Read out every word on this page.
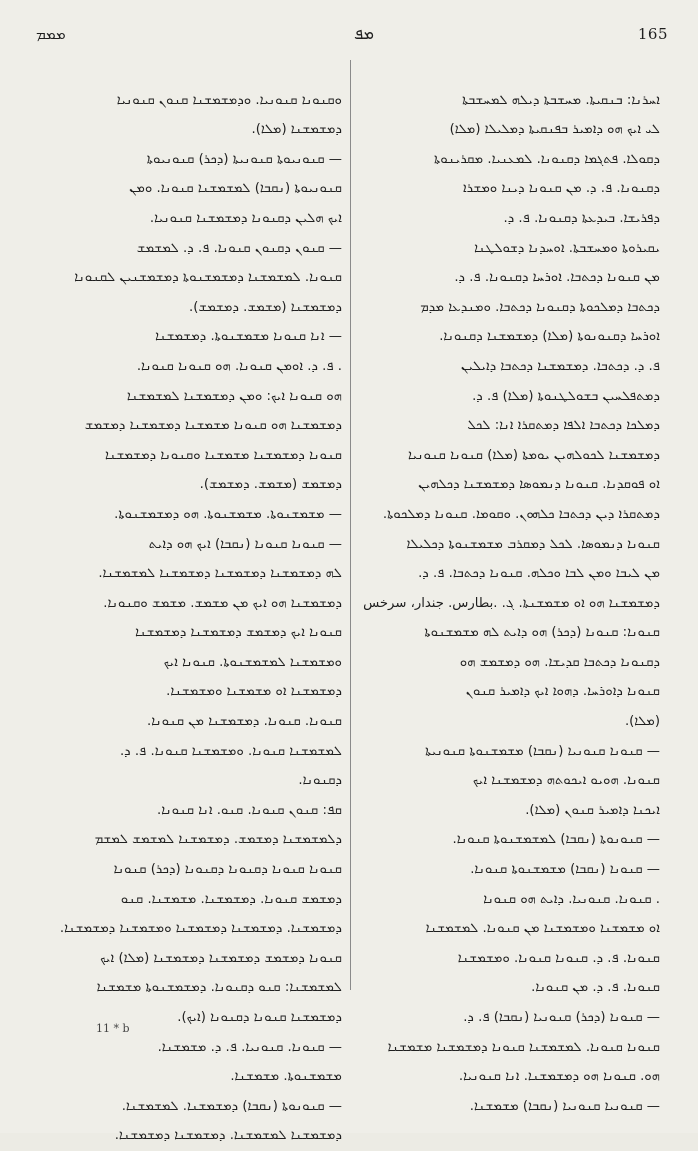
ܡܡܡ	ܡܦ	165

ܐܚܪܢܐ: ܒܢܩܝܬܐ. ܡܚܫܒܬܐ ܕܝܠܗ ܠܡܚܫܒܬܐ
ܠܝ ܐܝܟ ܗܘ ܕܐܡܝܪ ܒܦܢܩܝܬܐ ܕܡܠܝܠܐ (ܡܠܐ)
ܕܩܘܠܐ. ܦܬܓܡܐ ܕܩܢܘܢܐ. ܠܡܥܢܝܐ. ܡܩܪܝܢܘܬܐ
ܕܩܢܘܢܐ. ܦ. ܕ. ܡܢ ܩܢܘܢܐ ܕܝܢܐ ܘܡܫܪܐ
ܕܦܪܝܫܐ. ܒܝܕܥܬܐ ܕܩܢܘܢܐ. ܦ. ܕ.
ܝܩܝܪܘܬܐ ܘܡܚܫܒܬܐ. ܐܘܚܕܢܐ ܕܫܘܠܛܢܐ
ܡܢ ܩܢܘܢܐ ܕܟܬܒܐ. ܐܘܪܚܐ ܕܩܢܘܢܐ. ܦ. ܕ.
ܕܟܬܒܐ ܕܡܠܟܘܬܐ ܕܩܢܘܢܐ ܕܟܬܒܐ. ܘܡܢܕܥܐ ܡܕܡ
ܐܘܪܚܐ ܕܩܢܘܢܘܬܐ (ܡܠܐ) ܕܡܫܡܫܢܐ ܕܩܢܘܢܐ.
ܦ. ܕ. ܕܟܬܒܐ. ܕܡܫܡܫܢܐ ܕܟܬܒܐ ܕܐܝܠܝܢ
ܕܡܬܦܠܚܝܢ ܒܫܘܠܛܢܘܬܐ (ܡܠܐ) ܦ. ܕ.
ܕܡܠܟܐ ܕܟܬܒܐ ܐܠܦܐ ܕܡܬܩܪܐ ܐܢܐ: ܠܟܠ
ܕܡܫܡܫܢܐ ܠܟܘܠܗܝܢ ܝܘܡܬܐ (ܡܠܐ) ܩܢܘܢܐ ܩܢܘܢܝܐ
ܐܘ ܦܘܩܕܢܐ. ܩܢܘܢܐ ܕܢܡܘܣܐ ܕܡܫܡܫܢܐ ܕܟܠܗܝܢ
ܕܡܬܩܪܐ ܕܝܢ ܕܟܬܒܐ ܟܠܗܘܢ. ܘܩܘܡܐ. ܩܢܘܢܐ ܕܡܠܟܘܬܐ.
ܩܢܘܢܐ ܕܢܡܘܣܐ. ܠܟܠ ܕܡܩܪܒ ܡܫܡܫܢܘܬܐ ܕܟܠܝܠܐ
ܡܢ ܠܝܒܐ ܘܡܢ ܠܒܐ ܘܟܠܗ. ܩܢܘܢܐ ܕܟܬܒܐ. ܦ. ܕ.
ܕܡܫܡܫܢܐ ܗܘ ܐܘ ܡܫܡܫܢܬܐ. ܓ. بطارس. جندار، سرخس.
ܩܢܘܢܐ: ܩܢܘܢܐ (ܕܟܪ) ܗܘ ܕܐܝܬ ܠܗ ܡܫܡܫܢܘܬܐ
ܕܩܢܘܢܐ ܕܟܬܒܐ ܩܕܝܫܐ. ܗܘ ܕܡܫܡܫ ܗܘ
ܩܢܘܢܐ ܕܐܘܪܚܐ. ܕܗܘܐ ܐܝܟ ܕܐܡܝܪ ܩܢܘܢ
(ܡܠܐ).
— ܩܢܘܢܐ ܩܢܘܢܝܐ (ܢܩܒܐ) ܡܫܡܫܢܘܬܐ ܩܢܘܢܝܬܐ
ܩܢܘܢܐ. ܗܘܝܘ ܐܝܟܘܬܗ ܕܡܫܡܫܢܐ ܐܝܟ
ܐܝܟܢܐ ܕܐܡܝܪ ܩܢܘܢ (ܡܠܐ).
— ܩܢܘܢܘܬܐ (ܢܩܒܐ) ܠܡܫܡܫܢܘܬܐ ܩܢܘܢܐ.
— ܩܢܘܢܐ (ܢܩܒܐ) ܡܫܡܫܢܘܬܐ ܩܢܘܢܐ.
. ܩܢܘܢܐ. ܩܢܘܢܝܐ. ܕܐܝܬ ܗܘ ܩܢܘܢܐ
ܐܘ ܡܫܡܫܢܐ ܘܡܫܡܫܢܐ ܡܢ ܩܢܘܢܐ. ܠܡܫܡܫܢܐ
ܩܢܘܢܐ. ܦ. ܕ. ܩܢܘܢܐ ܩܢܘܢܐ. ܘܡܫܡܫܢܐ
ܩܢܘܢܐ. ܦ. ܕ. ܡܢ ܩܢܘܢܐ.
— ܩܢܘܢܐ (ܕܟܪ) ܩܢܘܢܝܐ (ܢܩܒܐ) ܦ. ܕ.
ܩܢܘܢܐ ܩܢܘܢܐ. ܠܡܫܡܫܢܐ ܩܢܘܢܐ ܕܡܫܡܫܢܐ ܡܫܡܫܢܐ
ܗܘ. ܩܢܘܢܐ ܗܘ ܕܡܫܡܫܢܐ. ܐܢܐ ܩܢܘܢܝܐ.
— ܩܢܘܢܝܐ ܩܢܘܢܝܐ (ܢܩܒܐ) ܡܫܡܫܢܐ.

ܘܩܢܘܢܐ ܩܢܘܢܝܐ. ܘܕܡܫܡܫܢܐ ܩܢܘܢ ܩܢܘܢܝܐ
ܕܡܫܡܫܢܐ (ܡܠܐ).
— ܩܢܘܢܝܘܬܐ ܩܢܘܢܝܬܐ (ܕܟܪ) ܩܢܘܢܝܘܬܐ
ܩܢܘܢܝܘܬܐ (ܢܩܒܐ) ܠܡܫܡܫܢܐ ܩܢܘܢܐ. ܘܡܢ
ܐܝܟ ܗܠܝܢ ܕܩܢܘܢܐ ܕܡܫܡܫܢܐ ܩܢܘܢܝܐ.
— ܩܢܘܢ ܕܩܢܘܢ ܩܢܘܢܐ. ܦ. ܕ. ܠܡܫܡܫ
ܩܢܘܢܐ. ܠܡܫܡܫܢܐ ܕܡܫܡܫܢܘܬܐ ܕܡܫܡܫܢܝܢ ܠܩܢܘܢܐ
ܕܡܫܡܫܢܐ (ܡܫܡܫ. ܕܡܫܡܫ).
— ܐܢܐ ܩܢܘܢܐ ܡܫܡܫܢܘܬܐ. ܕܡܫܡܫܢܐ
. ܦ. ܕ. ܐܘܡܢ ܩܢܘܢܐ. ܗܘ ܩܢܘܢܐ ܩܢܘܢܐ.
ܗܘ ܩܢܘܢܐ ܐܝܟ: ܘܡܢ ܕܡܫܡܫܢܐ ܠܡܫܡܫܢܐ
ܕܡܫܡܫܢܐ ܗܘ ܩܢܘܢܐ ܡܫܡܫܢܐ ܕܡܫܡܫܢܐ ܕܡܫܡܫ
ܩܢܘܢܐ ܕܡܫܡܫܢܐ ܡܫܡܫܢܐ ܘܩܢܘܢܐ ܕܡܫܡܫܢܐ
ܕܡܫܡܫ (ܡܫܡܫ. ܕܡܫܡܫ).
— ܡܫܡܫܢܘܬܐ. ܡܫܡܫܢܘܬܐ. ܗܘ ܕܡܫܡܫܢܘܬܐ.
— ܩܢܘܢܐ ܩܢܘܢܐ (ܢܩܒܐ) ܐܝܟ ܗܘ ܕܐܝܬ
ܠܗ ܕܡܫܡܫܢܐ ܕܡܫܡܫܢܐ ܕܡܫܡܫܢܐ ܠܡܫܡܫܢܐ.
ܕܡܫܡܫܢܐ ܗܘ ܐܝܟ ܡܢ ܡܫܡܫ. ܡܫܡܫ ܘܩܢܘܢܐ.
ܩܢܘܢܐ ܐܝܟ ܕܡܫܡܫ ܕܡܫܡܫܢܐ ܕܡܫܡܫܢܐ
ܘܡܫܡܫܢܐ ܠܡܫܡܫܢܘܬܐ. ܩܢܘܢܐ ܐܝܟ
ܕܡܫܡܫܢܐ ܐܘ ܡܫܡܫܢܐ ܘܡܫܡܫܢܐ.
ܩܢܘܢܐ. ܩܢܘܢܐ. ܕܡܫܡܫܢܐ ܡܢ ܩܢܘܢܐ.
ܠܡܫܡܫܢܐ ܩܢܘܢܐ. ܘܡܫܡܫܢܐ ܩܢܘܢܐ. ܦ. ܕ.
ܕܩܢܘܢܐ.
ܩܦ: ܩܢܘܢ ܩܢܘܢܐ. ܩܢܘ. ܐܢܐ ܩܢܘܢܐ.
ܕܠܡܫܡܫܢܐ ܕܡܫܡܫ. ܕܡܫܡܫܢܐ ܠܡܫܡܫ ܠܡܫܡ
ܩܢܘܢܐ ܩܢܘܢܐ ܕܩܢܘܢܐ ܕܩܢܘܢܐ (ܕܟܪ) ܩܢܘܢܐ
ܕܡܫܡܫ ܩܢܘܢܐ. ܕܡܫܡܫܢܐ. ܡܫܡܫܢܐ. ܩܢܘ
ܕܡܫܡܫܢܐ. ܕܡܫܡܫܢܐ ܕܡܫܡܫܢܐ ܘܡܫܡܫܢܐ ܕܡܫܡܫܢܐ.
ܩܢܘܢܐ ܕܡܫܡܫ ܕܡܫܡܫܢܐ ܕܡܫܡܫܢܐ (ܡܠܐ) ܐܝܟ
ܠܡܫܡܫܢܐ: ܩܢܘ ܕܩܢܘܢܐ. ܕܡܫܡܫܢܘܬܐ ܡܫܡܫܢܐ
ܕܡܫܡܫܢܐ ܩܢܘܢܐ ܕܩܢܘܢܐ (ܐܝܟ).
— ܩܢܘܢܐ. ܩܢܘܢܝܐ. ܦ. ܕ. ܡܫܡܫܢܐ.
ܡܫܡܫܢܘܬܐ. ܡܫܡܫܢܐ.
— ܩܢܘܢܘܬܐ (ܢܩܒܐ) ܕܡܫܡܫܢܐ. ܠܡܫܡܫܢܐ.
ܕܡܫܡܫܢܐ ܠܡܫܡܫܢܐ. ܕܡܫܡܫܢܐ ܕܡܫܡܫܢܐ.

11 * b
